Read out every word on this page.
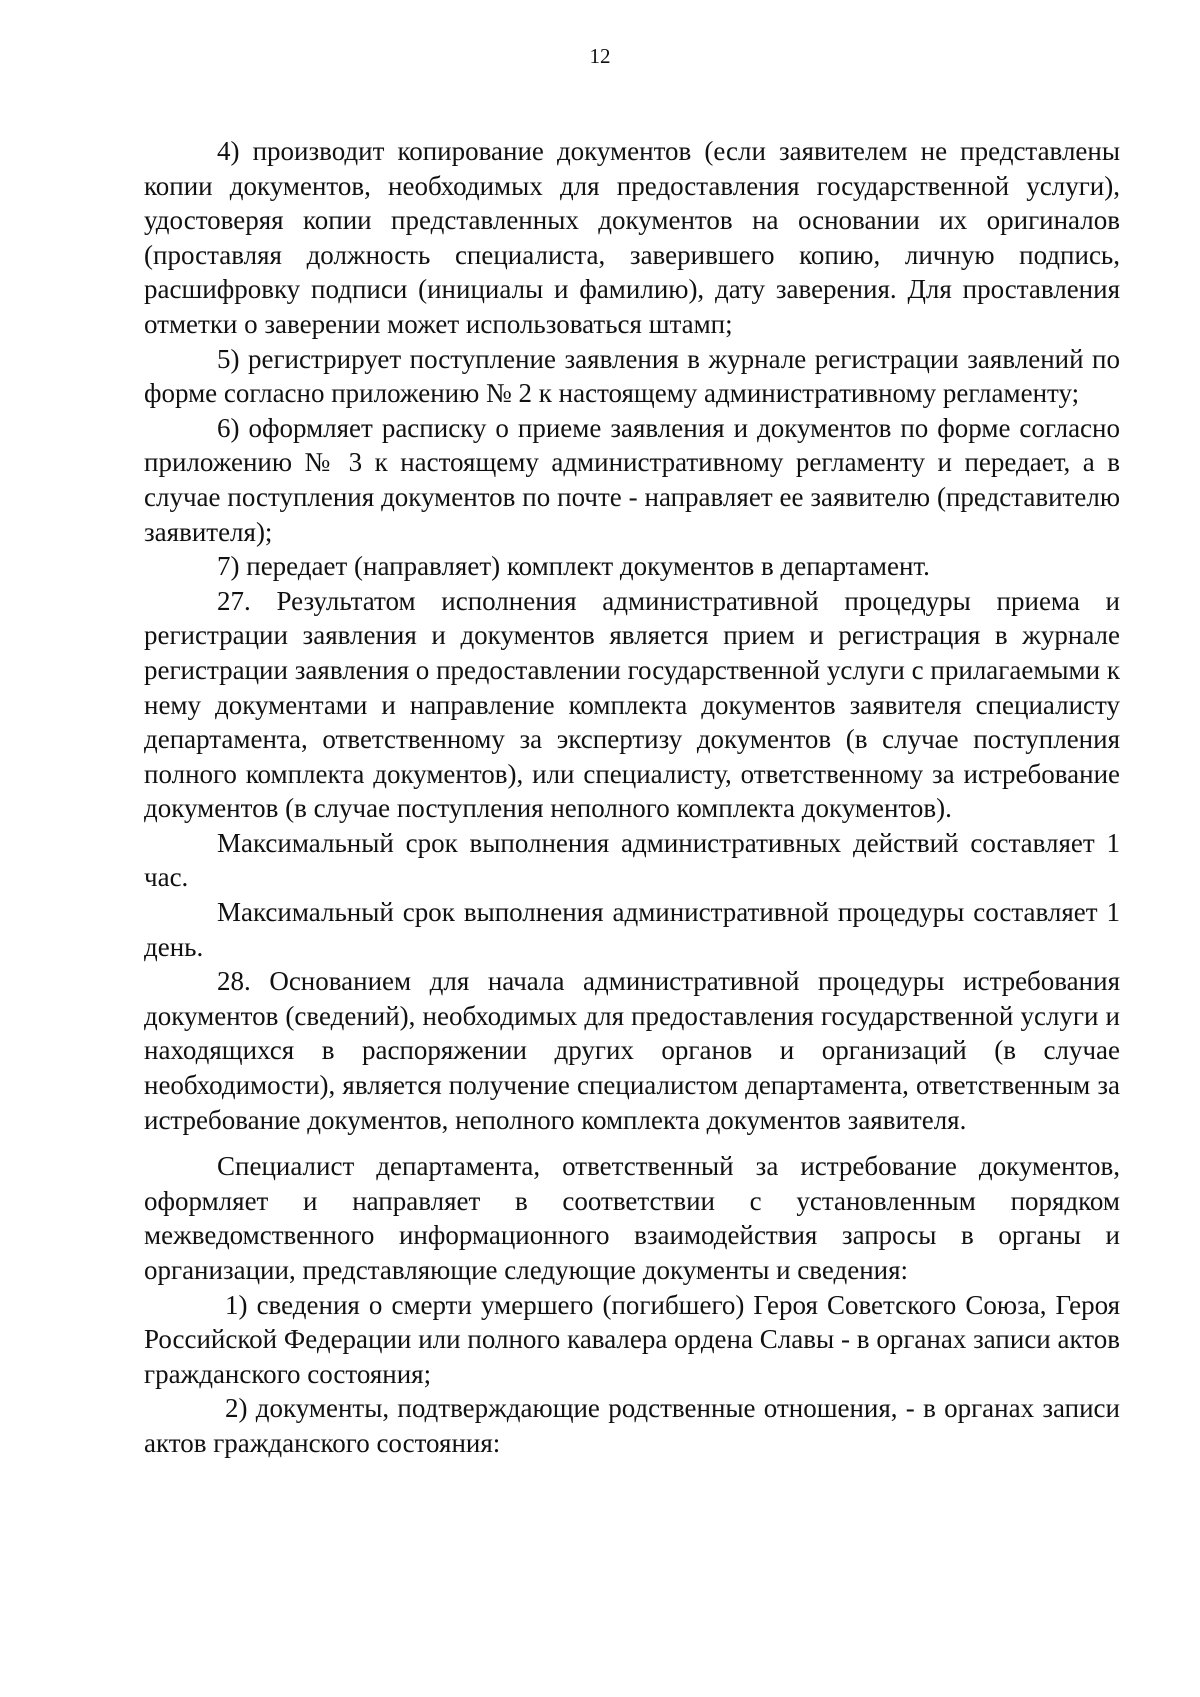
12

4) производит копирование документов (если заявителем не представлены копии документов, необходимых для предоставления государственной услуги), удостоверяя копии представленных документов на основании их оригиналов (проставляя должность специалиста, заверившего копию, личную подпись, расшифровку подписи (инициалы и фамилию), дату заверения. Для проставления отметки о заверении может использоваться штамп;

5) регистрирует поступление заявления в журнале регистрации заявлений по форме согласно приложению № 2 к настоящему административному регламенту;

6) оформляет расписку о приеме заявления и документов по форме согласно приложению № 3 к настоящему административному регламенту и передает, а в случае поступления документов по почте - направляет ее заявителю (представителю заявителя);

7) передает (направляет) комплект документов в департамент.

27. Результатом исполнения административной процедуры приема и регистрации заявления и документов является прием и регистрация в журнале регистрации заявления о предоставлении государственной услуги с прилагаемыми к нему документами и направление комплекта документов заявителя специалисту департамента, ответственному за экспертизу документов (в случае поступления полного комплекта документов), или специалисту, ответственному за истребование документов (в случае поступления неполного комплекта документов).

Максимальный срок выполнения административных действий составляет 1 час.

Максимальный срок выполнения административной процедуры составляет 1 день.

28. Основанием для начала административной процедуры истребования документов (сведений), необходимых для предоставления государственной услуги и находящихся в распоряжении других органов и организаций (в случае необходимости), является получение специалистом департамента, ответственным за истребование документов, неполного комплекта документов заявителя.

Специалист департамента, ответственный за истребование документов, оформляет и направляет в соответствии с установленным порядком межведомственного информационного взаимодействия запросы в органы и организации, представляющие следующие документы и сведения:

1) сведения о смерти умершего (погибшего) Героя Советского Союза, Героя Российской Федерации или полного кавалера ордена Славы - в органах записи актов гражданского состояния;

2) документы, подтверждающие родственные отношения, - в органах записи актов гражданского состояния:
